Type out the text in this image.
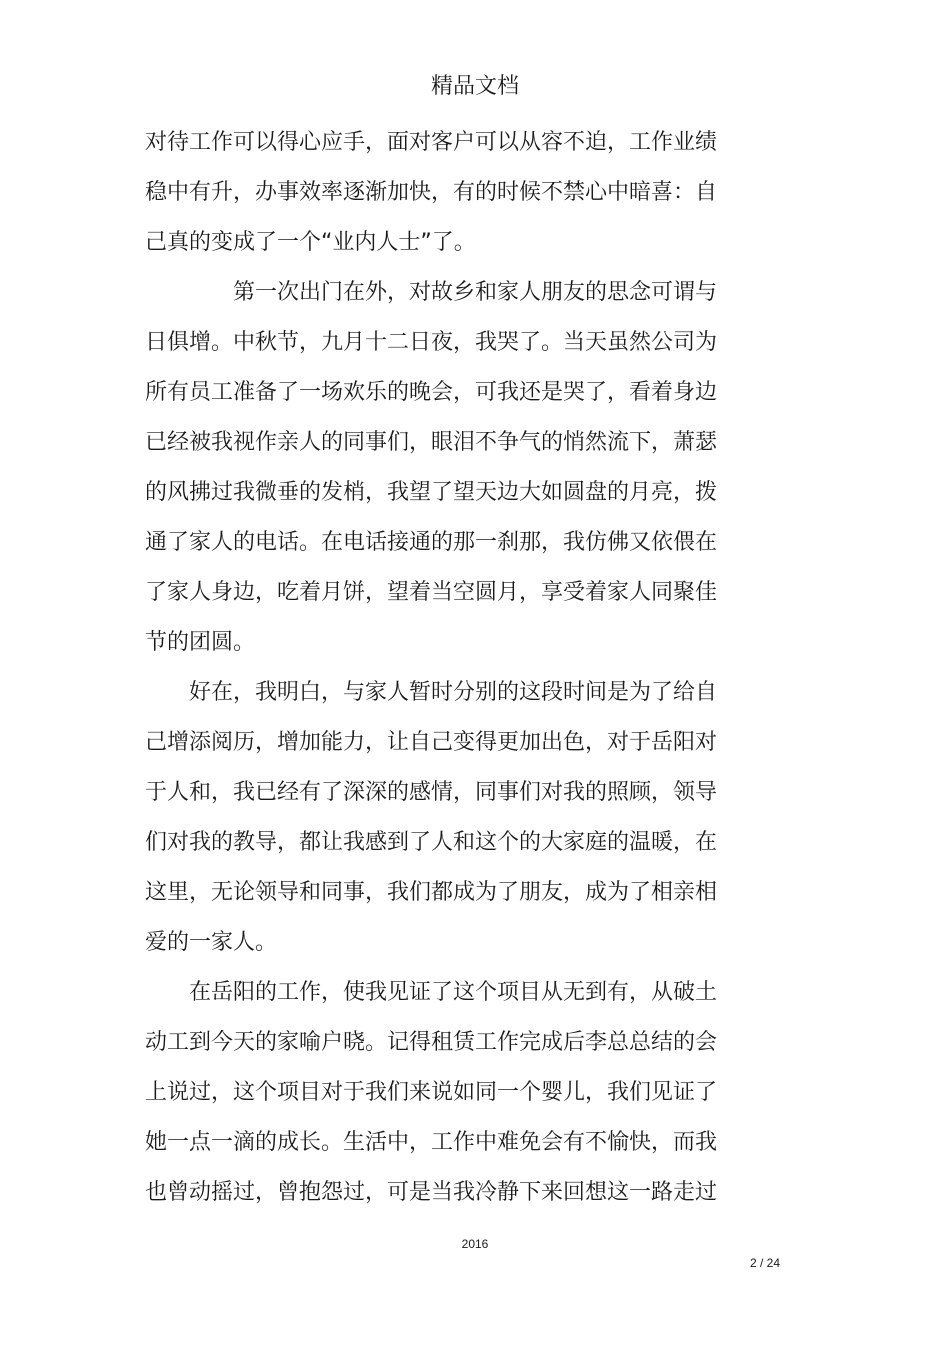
精品文档
对待工作可以得心应手，面对客户可以从容不迫，工作业绩
稳中有升，办事效率逐渐加快，有的时候不禁心中暗喜：自
己真的变成了一个“业内人士”了。
第一次出门在外，对故乡和家人朋友的思念可谓与
日俱增。中秋节，九月十二日夜，我哭了。当天虽然公司为
所有员工准备了一场欢乐的晚会，可我还是哭了，看着身边
已经被我视作亲人的同事们，眼泪不争气的悄然流下，萧瑟
的风拂过我微垂的发梢，我望了望天边大如圆盘的月亮，拨
通了家人的电话。在电话接通的那一刹那，我仿佛又依偎在
了家人身边，吃着月饼，望着当空圆月，享受着家人同聚佳
节的团圆。
好在，我明白，与家人暂时分别的这段时间是为了给自
己增添阅历，增加能力，让自己变得更加出色，对于岳阳对
于人和，我已经有了深深的感情，同事们对我的照顾，领导
们对我的教导，都让我感到了人和这个的大家庭的温暖，在
这里，无论领导和同事，我们都成为了朋友，成为了相亲相
爱的一家人。
在岳阳的工作，使我见证了这个项目从无到有，从破土
动工到今天的家喻户晓。记得租赁工作完成后李总总结的会
上说过，这个项目对于我们来说如同一个婴儿，我们见证了
她一点一滴的成长。生活中，工作中难免会有不愉快，而我
也曾动摇过，曾抱怨过，可是当我冷静下来回想这一路走过
2016
2 / 24
